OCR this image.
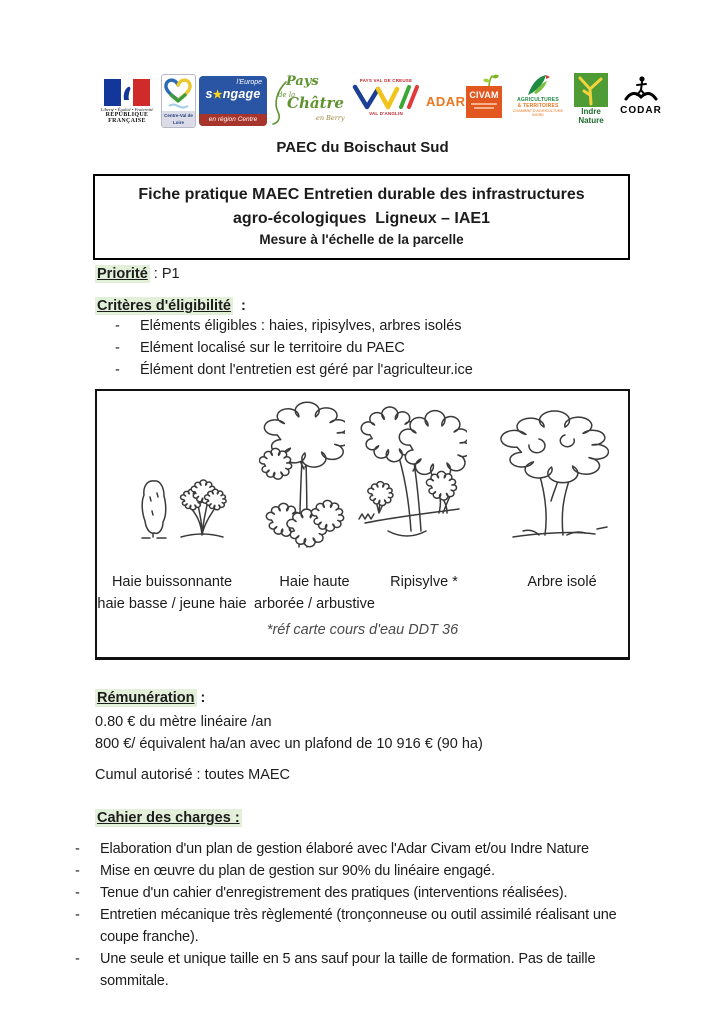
Liberté • Égalité • Fraternité
RÉPUBLIQUE FRANÇAISE
Centre-Val de Loire
l'Europe
s★ngage
en région Centre
Pays
de la
Châtre
en Berry
PAYS VAL DE CREUSE
VAL D'ANGLIN
ADAR CIVAM	AGRICULTURES
& TERRITOIRES
CHAMBRE D'AGRICULTURE
INDRE	Indre
Nature
CODAR
PAEC du Boischaut Sud
Fiche pratique MAEC Entretien durable des infrastructures
agro-écologiques  Ligneux – IAE1
Mesure à l'échelle de la parcelle
Priorité : P1
Critères d'éligibilité  :
- Eléments éligibles : haies, ripisylves, arbres isolés
- Elément localisé sur le territoire du PAEC
- Élément dont l'entretien est géré par l'agriculteur.ice
Haie buissonnante
haie basse / jeune haie
Haie haute
arborée / arbustive
Ripisylve *	Arbre isolé
*réf carte cours d'eau DDT 36
Rémunération :
0.80 € du mètre linéaire /an
800 €/ équivalent ha/an avec un plafond de 10 916 € (90 ha)
Cumul autorisé : toutes MAEC
Cahier des charges :
- Elaboration d'un plan de gestion élaboré avec l'Adar Civam et/ou Indre Nature
- Mise en œuvre du plan de gestion sur 90% du linéaire engagé.
- Tenue d'un cahier d'enregistrement des pratiques (interventions réalisées).
- Entretien mécanique très règlementé (tronçonneuse ou outil assimilé réalisant une coupe franche).
- Une seule et unique taille en 5 ans sauf pour la taille de formation. Pas de taille sommitale.
